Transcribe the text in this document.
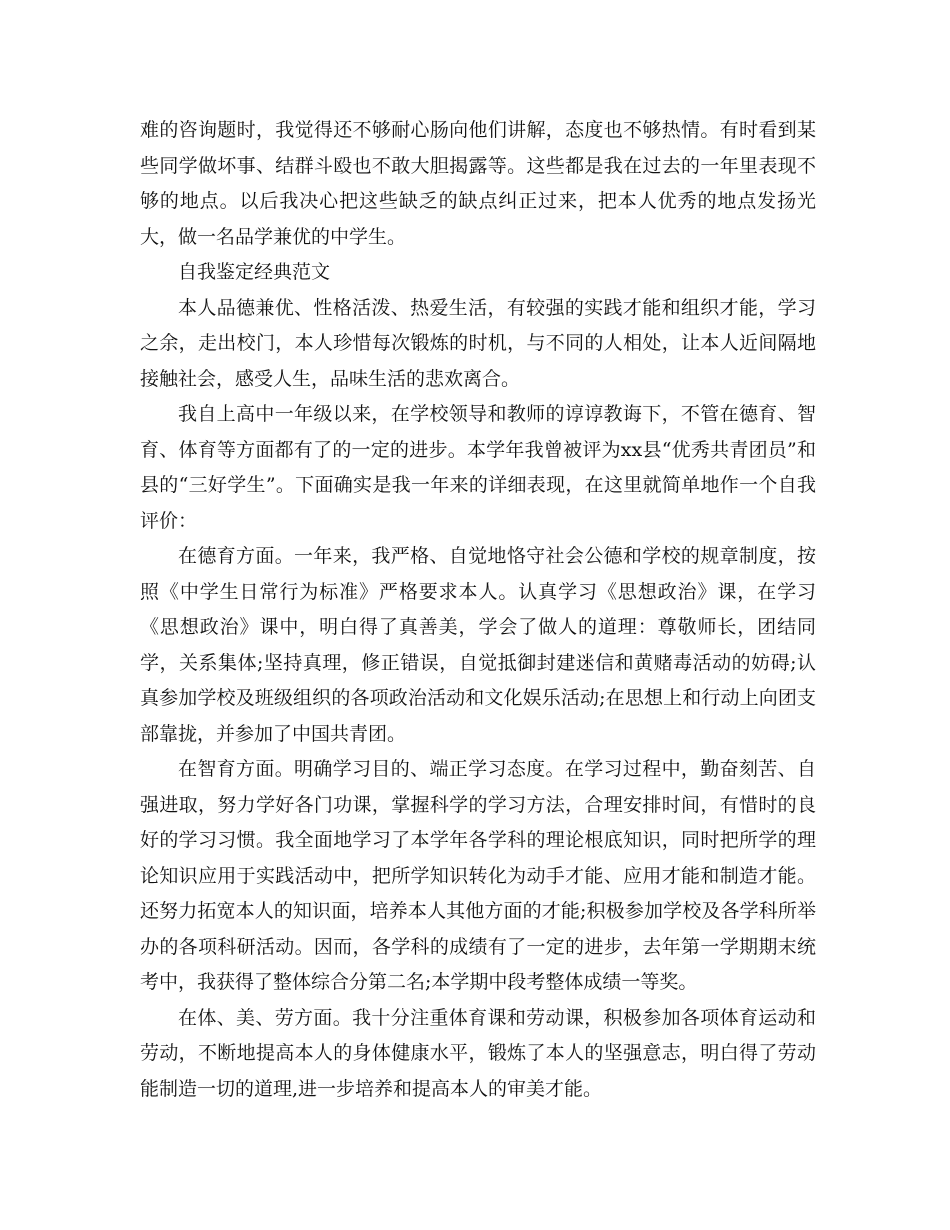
难的咨询题时，我觉得还不够耐心肠向他们讲解，态度也不够热情。有时看到某些同学做坏事、结群斗殴也不敢大胆揭露等。这些都是我在过去的一年里表现不够的地点。以后我决心把这些缺乏的缺点纠正过来，把本人优秀的地点发扬光大，做一名品学兼优的中学生。

自我鉴定经典范文

本人品德兼优、性格活泼、热爱生活，有较强的实践才能和组织才能，学习之余，走出校门，本人珍惜每次锻炼的时机，与不同的人相处，让本人近间隔地接触社会，感受人生，品味生活的悲欢离合。

我自上高中一年级以来，在学校领导和教师的谆谆教诲下，不管在德育、智育、体育等方面都有了的一定的进步。本学年我曾被评为xx县“优秀共青团员”和县的“三好学生”。下面确实是我一年来的详细表现，在这里就简单地作一个自我评价：

在德育方面。一年来，我严格、自觉地恪守社会公德和学校的规章制度，按照《中学生日常行为标准》严格要求本人。认真学习《思想政治》课，在学习《思想政治》课中，明白得了真善美，学会了做人的道理：尊敬师长，团结同学，关系集体;坚持真理，修正错误，自觉抵御封建迷信和黄赌毒活动的妨碍;认真参加学校及班级组织的各项政治活动和文化娱乐活动;在思想上和行动上向团支部靠拢，并参加了中国共青团。

在智育方面。明确学习目的、端正学习态度。在学习过程中，勤奋刻苦、自强进取，努力学好各门功课，掌握科学的学习方法，合理安排时间，有惜时的良好的学习习惯。我全面地学习了本学年各学科的理论根底知识，同时把所学的理论知识应用于实践活动中，把所学知识转化为动手才能、应用才能和制造才能。还努力拓宽本人的知识面，培养本人其他方面的才能;积极参加学校及各学科所举办的各项科研活动。因而，各学科的成绩有了一定的进步，去年第一学期期末统考中，我获得了整体综合分第二名;本学期中段考整体成绩一等奖。

在体、美、劳方面。我十分注重体育课和劳动课，积极参加各项体育运动和劳动，不断地提高本人的身体健康水平，锻炼了本人的坚强意志，明白得了劳动能制造一切的道理,进一步培养和提高本人的审美才能。
